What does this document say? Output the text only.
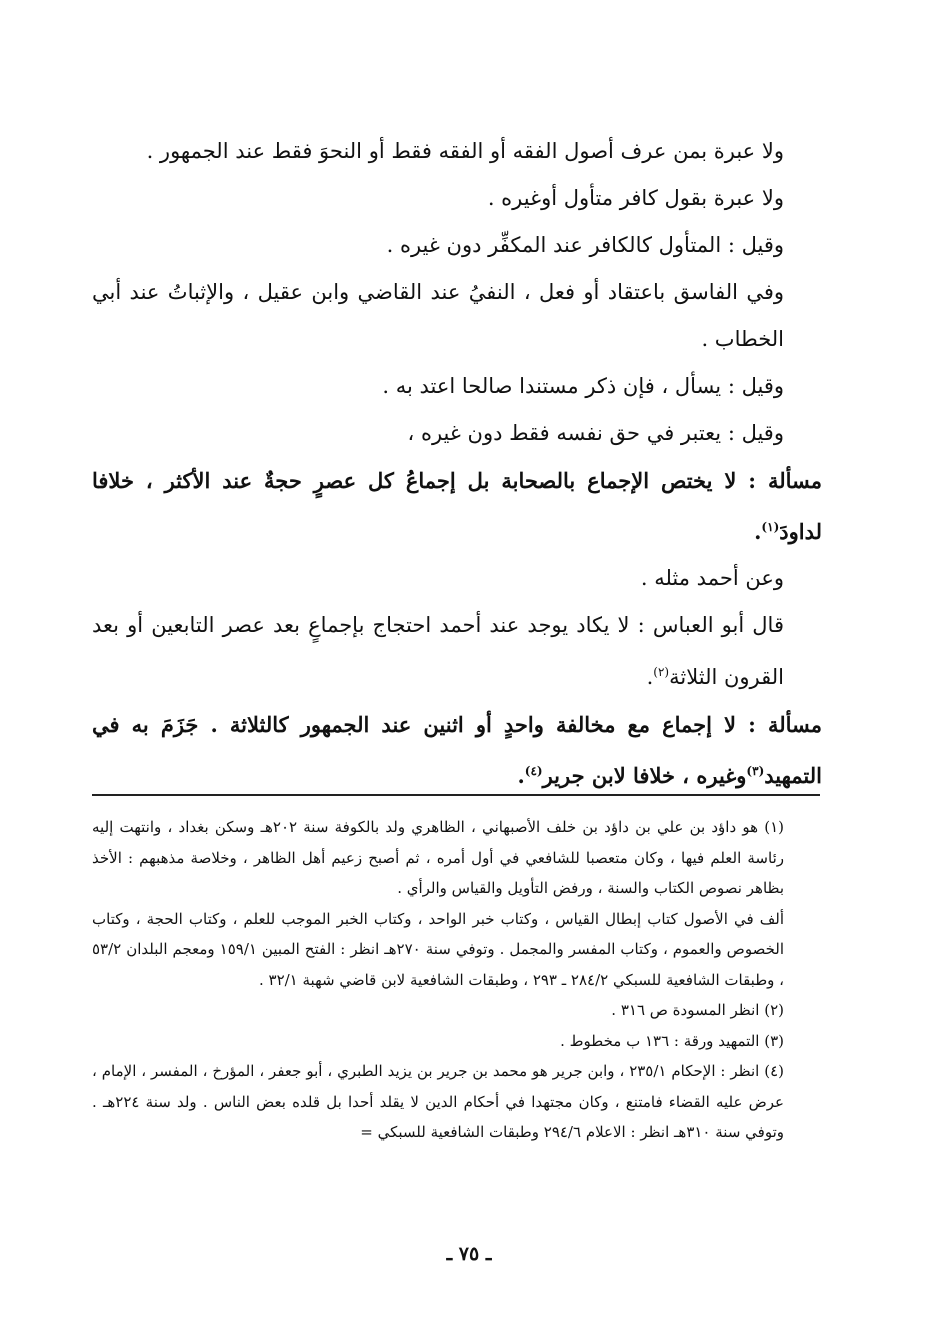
ولا عبرة بمن عرف أصول الفقه أو الفقه فقط أو النحوَ فقط عند الجمهور .

ولا عبرة بقول كافر متأول أوغيره .

وقيل : المتأول كالكافر عند المكفِّر دون غيره .

وفي الفاسق باعتقاد أو فعل ، النفيُ عند القاضي وابن عقيل ، والإثباتُ عند أبي الخطاب .

وقيل : يسأل ، فإن ذكر مستندا صالحا اعتد به .

وقيل : يعتبر في حق نفسه فقط دون غيره ،

مسألة : لا يختص الإجماع بالصحابة بل إجماعُ كل عصرٍ حجةٌ عند الأكثر ، خلافا لداودَ$^{(١)}$.

وعن أحمد مثله .

قال أبو العباس : لا يكاد يوجد عند أحمد احتجاج بإجماعٍ بعد عصر التابعين أو بعد القرون الثلاثة$^{(٢)}$.

مسألة : لا إجماع مع مخالفة واحدٍ أو اثنين عند الجمهور كالثلاثة . جَزَمَ به في التمهيد$^{(٣)}$وغيره ، خلافا لابن جرير$^{(٤)}$.

(١) هو داؤد بن علي بن داؤد بن خلف الأصبهاني ، الظاهري ولد بالكوفة سنة ٢٠٢هـ وسكن بغداد ، وانتهت إليه رئاسة العلم فيها ، وكان متعصبا للشافعي في أول أمره ، ثم أصبح زعيم أهل الظاهر ، وخلاصة مذهبهم : الأخذ بظاهر نصوص الكتاب والسنة ، ورفض التأويل والقياس والرأي .

ألف في الأصول كتاب إبطال القياس ، وكتاب خبر الواحد ، وكتاب الخبر الموجب للعلم ، وكتاب الحجة ، وكتاب الخصوص والعموم ، وكتاب المفسر والمجمل . وتوفي سنة ٢٧٠هـ انظر : الفتح المبين ١٥٩/١ ومعجم البلدان ٥٣/٢ ، وطبقات الشافعية للسبكي ٢٨٤/٢ ـ ٢٩٣ ، وطبقات الشافعية لابن قاضي شهبة ٣٢/١ .

(٢) انظر المسودة ص ٣١٦ .

(٣) التمهيد ورقة : ١٣٦ ب مخطوط .

(٤) انظر : الإحكام ٢٣٥/١ ، وابن جرير هو محمد بن جرير بن يزيد الطبري ، أبو جعفر ، المؤرخ ، المفسر ، الإمام ، عرض عليه القضاء فامتنع ، وكان مجتهدا في أحكام الدين لا يقلد أحدا بل قلده بعض الناس . ولد سنة ٢٢٤هـ . وتوفي سنة ٣١٠هـ انظر : الاعلام ٢٩٤/٦ وطبقات الشافعية للسبكي =

ـ ٧٥ ـ
